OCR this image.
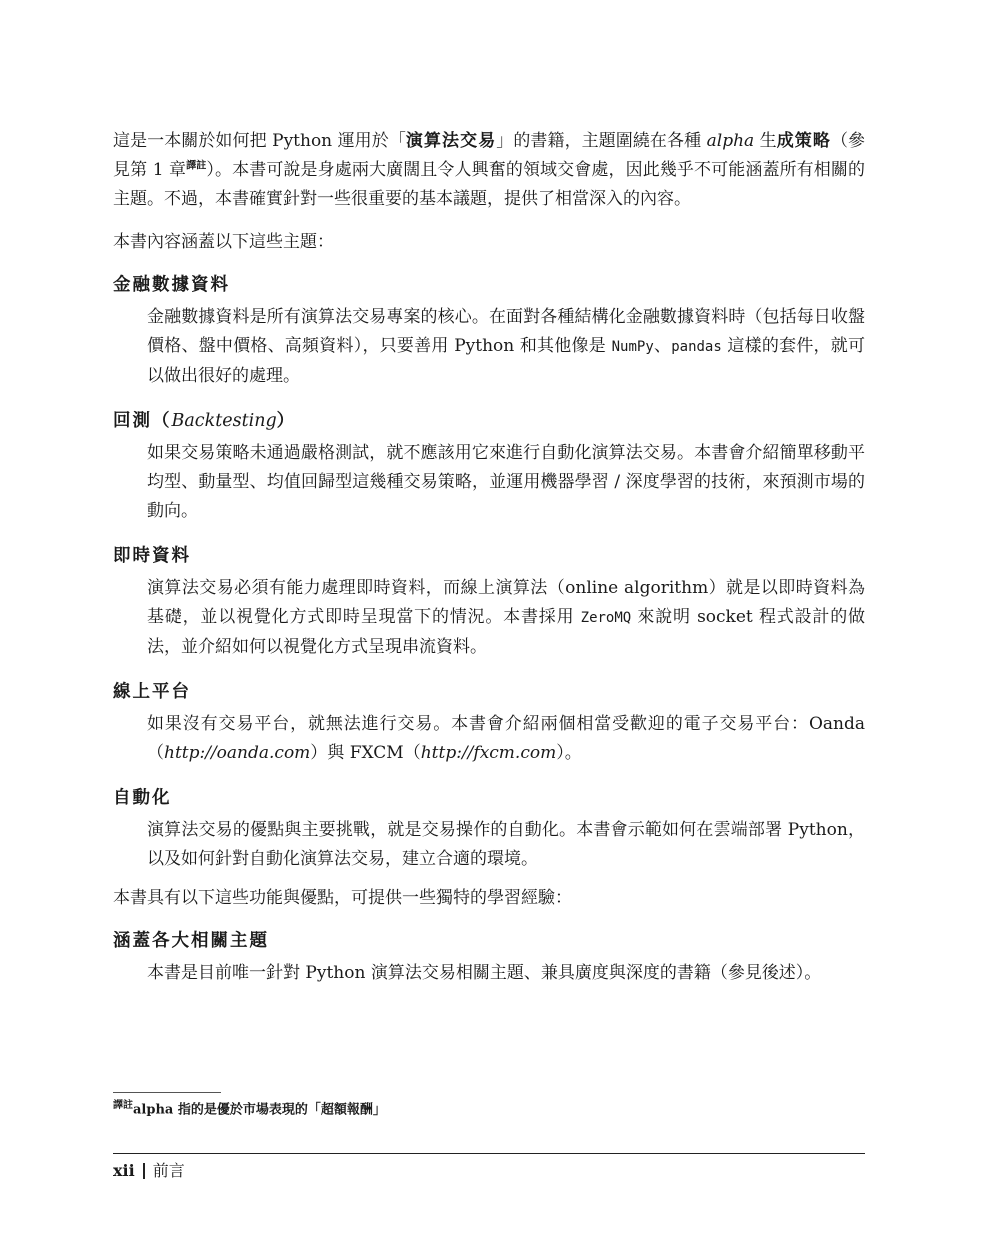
這是一本關於如何把 Python 運用於「演算法交易」的書籍，主題圍繞在各種 alpha 生成策略（參見第 1 章$^{譯註}$）。本書可說是身處兩大廣闊且令人興奮的領域交會處，因此幾乎不可能涵蓋所有相關的主題。不過，本書確實針對一些很重要的基本議題，提供了相當深入的內容。

本書內容涵蓋以下這些主題：

金融數據資料

金融數據資料是所有演算法交易專案的核心。在面對各種結構化金融數據資料時（包括每日收盤價格、盤中價格、高頻資料），只要善用 Python 和其他像是 NumPy、pandas 這樣的套件，就可以做出很好的處理。

回測（Backtesting）

如果交易策略未通過嚴格測試，就不應該用它來進行自動化演算法交易。本書會介紹簡單移動平均型、動量型、均值回歸型這幾種交易策略，並運用機器學習 / 深度學習的技術，來預測市場的動向。

即時資料

演算法交易必須有能力處理即時資料，而線上演算法（online algorithm）就是以即時資料為基礎，並以視覺化方式即時呈現當下的情況。本書採用 ZeroMQ 來說明 socket 程式設計的做法，並介紹如何以視覺化方式呈現串流資料。

線上平台

如果沒有交易平台，就無法進行交易。本書會介紹兩個相當受歡迎的電子交易平台：Oanda（http://oanda.com）與 FXCM（http://fxcm.com）。

自動化

演算法交易的優點與主要挑戰，就是交易操作的自動化。本書會示範如何在雲端部署 Python，以及如何針對自動化演算法交易，建立合適的環境。

本書具有以下這些功能與優點，可提供一些獨特的學習經驗：

涵蓋各大相關主題

本書是目前唯一針對 Python 演算法交易相關主題、兼具廣度與深度的書籍（參見後述）。

$^{譯註}$alpha 指的是優於市場表現的「超額報酬」
xii 前言
